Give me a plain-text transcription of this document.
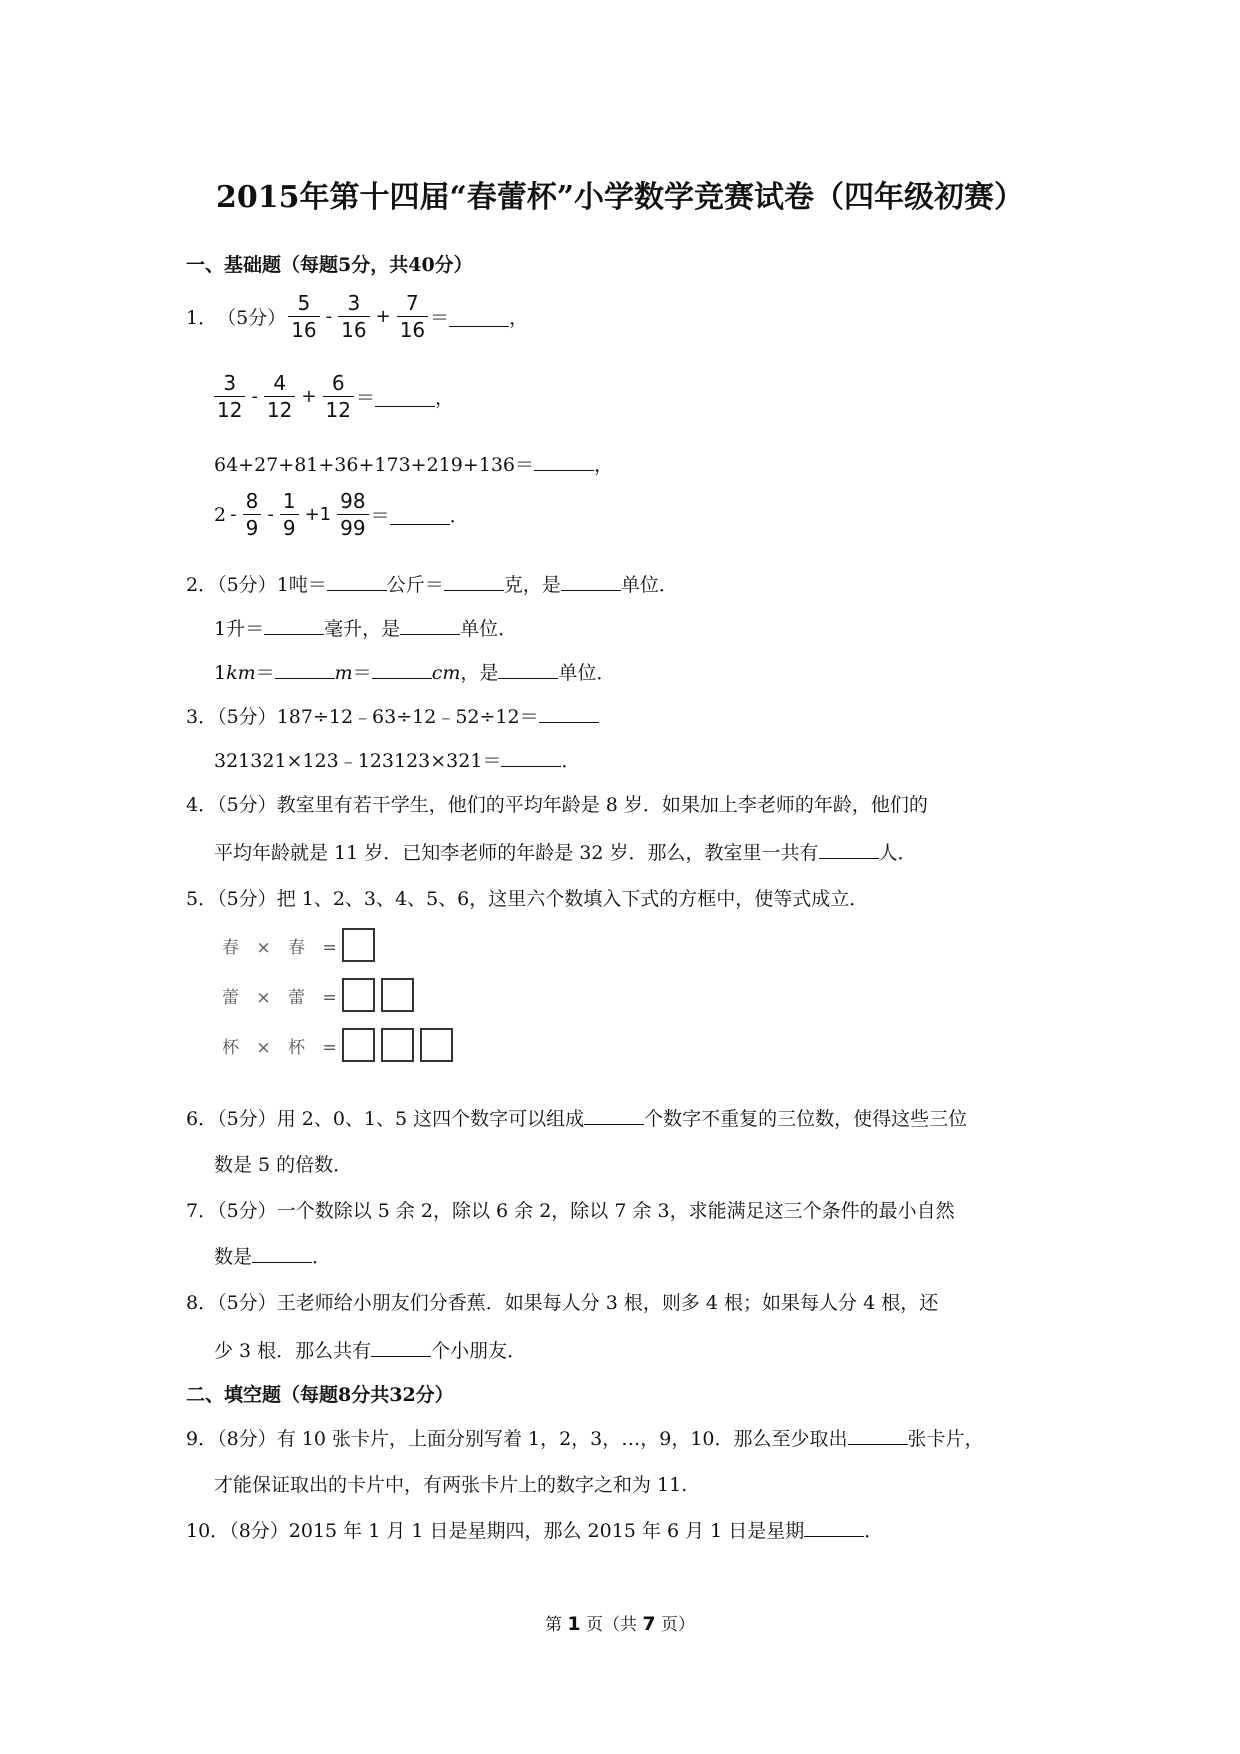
2015年第十四届“春蕾杯”小学数学竞赛试卷（四年级初赛）
一、基础题（每题5分，共40分）
1． （5分） $\frac{5}{16} - \frac{3}{16} + \frac{7}{16}$ ＝	，
$\frac{3}{12} - \frac{4}{12} + \frac{6}{12}$ ＝	，
64+27+81+36+173+219+136＝	，
$2 - \frac{8}{9} - \frac{1}{9} +1 \frac{98}{99}$ ＝	．
2．（5分）1吨＝	公斤＝	克，是	单位．
1升＝	毫升，是	单位．
1km＝	m＝	cm，是	单位．
3．（5分）187÷12﹣63÷12﹣52÷12＝
321321×123﹣123123×321＝	．
4．（5分）教室里有若干学生，他们的平均年龄是 8 岁．如果加上李老师的年龄，他们的
平均年龄就是 11 岁．已知李老师的年龄是 32 岁．那么，教室里一共有	人．
5．（5分）把 1、2、3、4、5、6，这里六个数填入下式的方框中，使等式成立．
春 × 春 =
蕾 × 蕾 =
杯 × 杯 =
6．（5分）用 2、0、1、5 这四个数字可以组成	个数字不重复的三位数，使得这些三位
数是 5 的倍数．
7．（5分）一个数除以 5 余 2，除以 6 余 2，除以 7 余 3，求能满足这三个条件的最小自然
数是	．
8．（5分）王老师给小朋友们分香蕉．如果每人分 3 根，则多 4 根；如果每人分 4 根，还
少 3 根．那么共有	个小朋友．
二、填空题（每题8分共32分）
9．（8分）有 10 张卡片，上面分别写着 1，2，3，…，9，10．那么至少取出	张卡片，
才能保证取出的卡片中，有两张卡片上的数字之和为 11.
10．（8分）2015 年 1 月 1 日是星期四，那么 2015 年 6 月 1 日是星期	．
第 1 页（共 7 页）
